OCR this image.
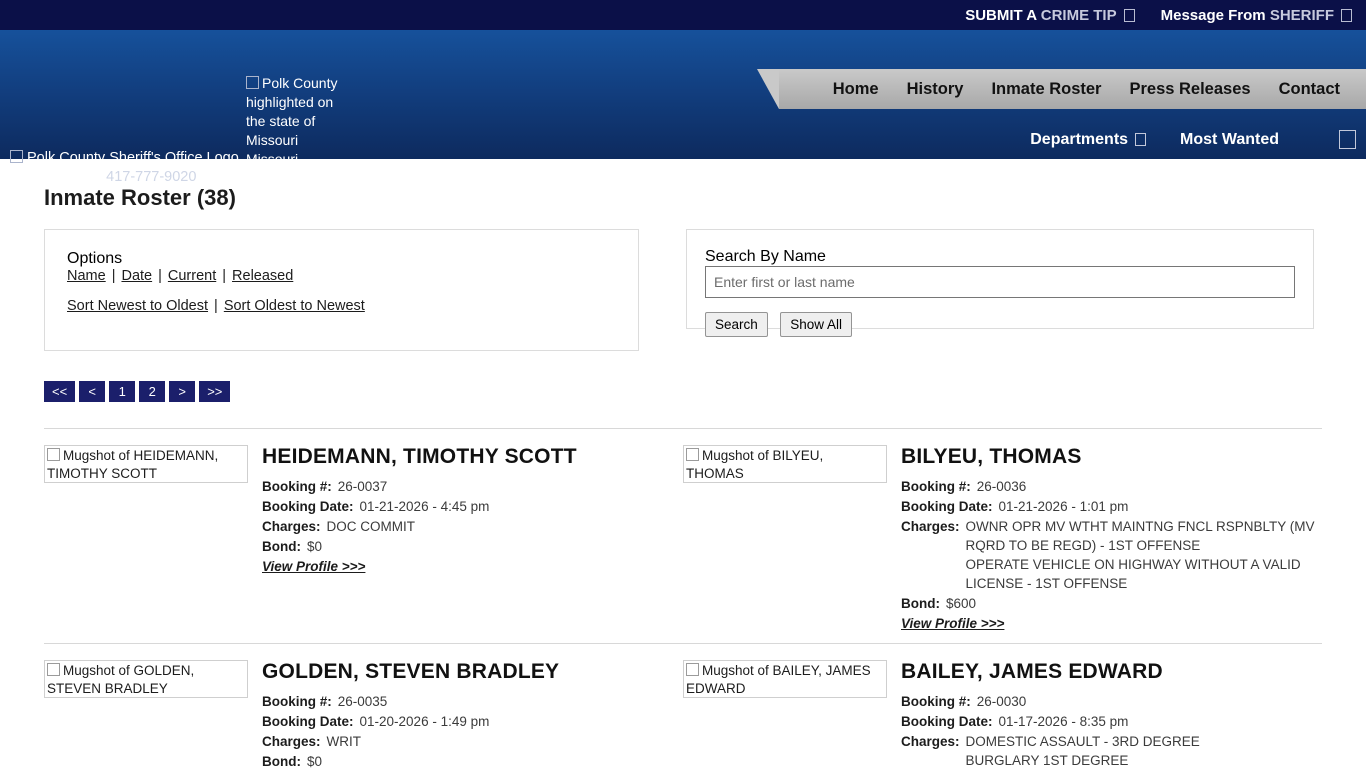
SUBMIT A CRIME TIP	Message From SHERIFF
Polk County Sheriff's Office Logo
Phone: 417-777-9020
Polk County highlighted on the state of Missouri Missouri
Home History Inmate Roster Press Releases Contact
Departments	Most Wanted
Inmate Roster (38)
Options
Name | Date | Current | Released
Sort Newest to Oldest | Sort Oldest to Newest
Search By Name
Enter first or last name
Search Show All
<<	<	1	2	>	>>
Mugshot of HEIDEMANN, TIMOTHY SCOTT
HEIDEMANN, TIMOTHY SCOTT
Booking #: 26-0037
Booking Date: 01-21-2026 - 4:45 pm
Charges: DOC COMMIT
Bond: $0
View Profile >>>
Mugshot of BILYEU, THOMAS
BILYEU, THOMAS
Booking #: 26-0036
Booking Date: 01-21-2026 - 1:01 pm
Charges: OWNR OPR MV WTHT MAINTNG FNCL RSPNBLTY (MV RQRD TO BE REGD) - 1ST OFFENSE
OPERATE VEHICLE ON HIGHWAY WITHOUT A VALID LICENSE - 1ST OFFENSE
Bond: $600
View Profile >>>
Mugshot of GOLDEN, STEVEN BRADLEY
GOLDEN, STEVEN BRADLEY
Booking #: 26-0035
Booking Date: 01-20-2026 - 1:49 pm
Charges: WRIT
Bond: $0
Mugshot of BAILEY, JAMES EDWARD
BAILEY, JAMES EDWARD
Booking #: 26-0030
Booking Date: 01-17-2026 - 8:35 pm
Charges: DOMESTIC ASSAULT - 3RD DEGREE
BURGLARY 1ST DEGREE
